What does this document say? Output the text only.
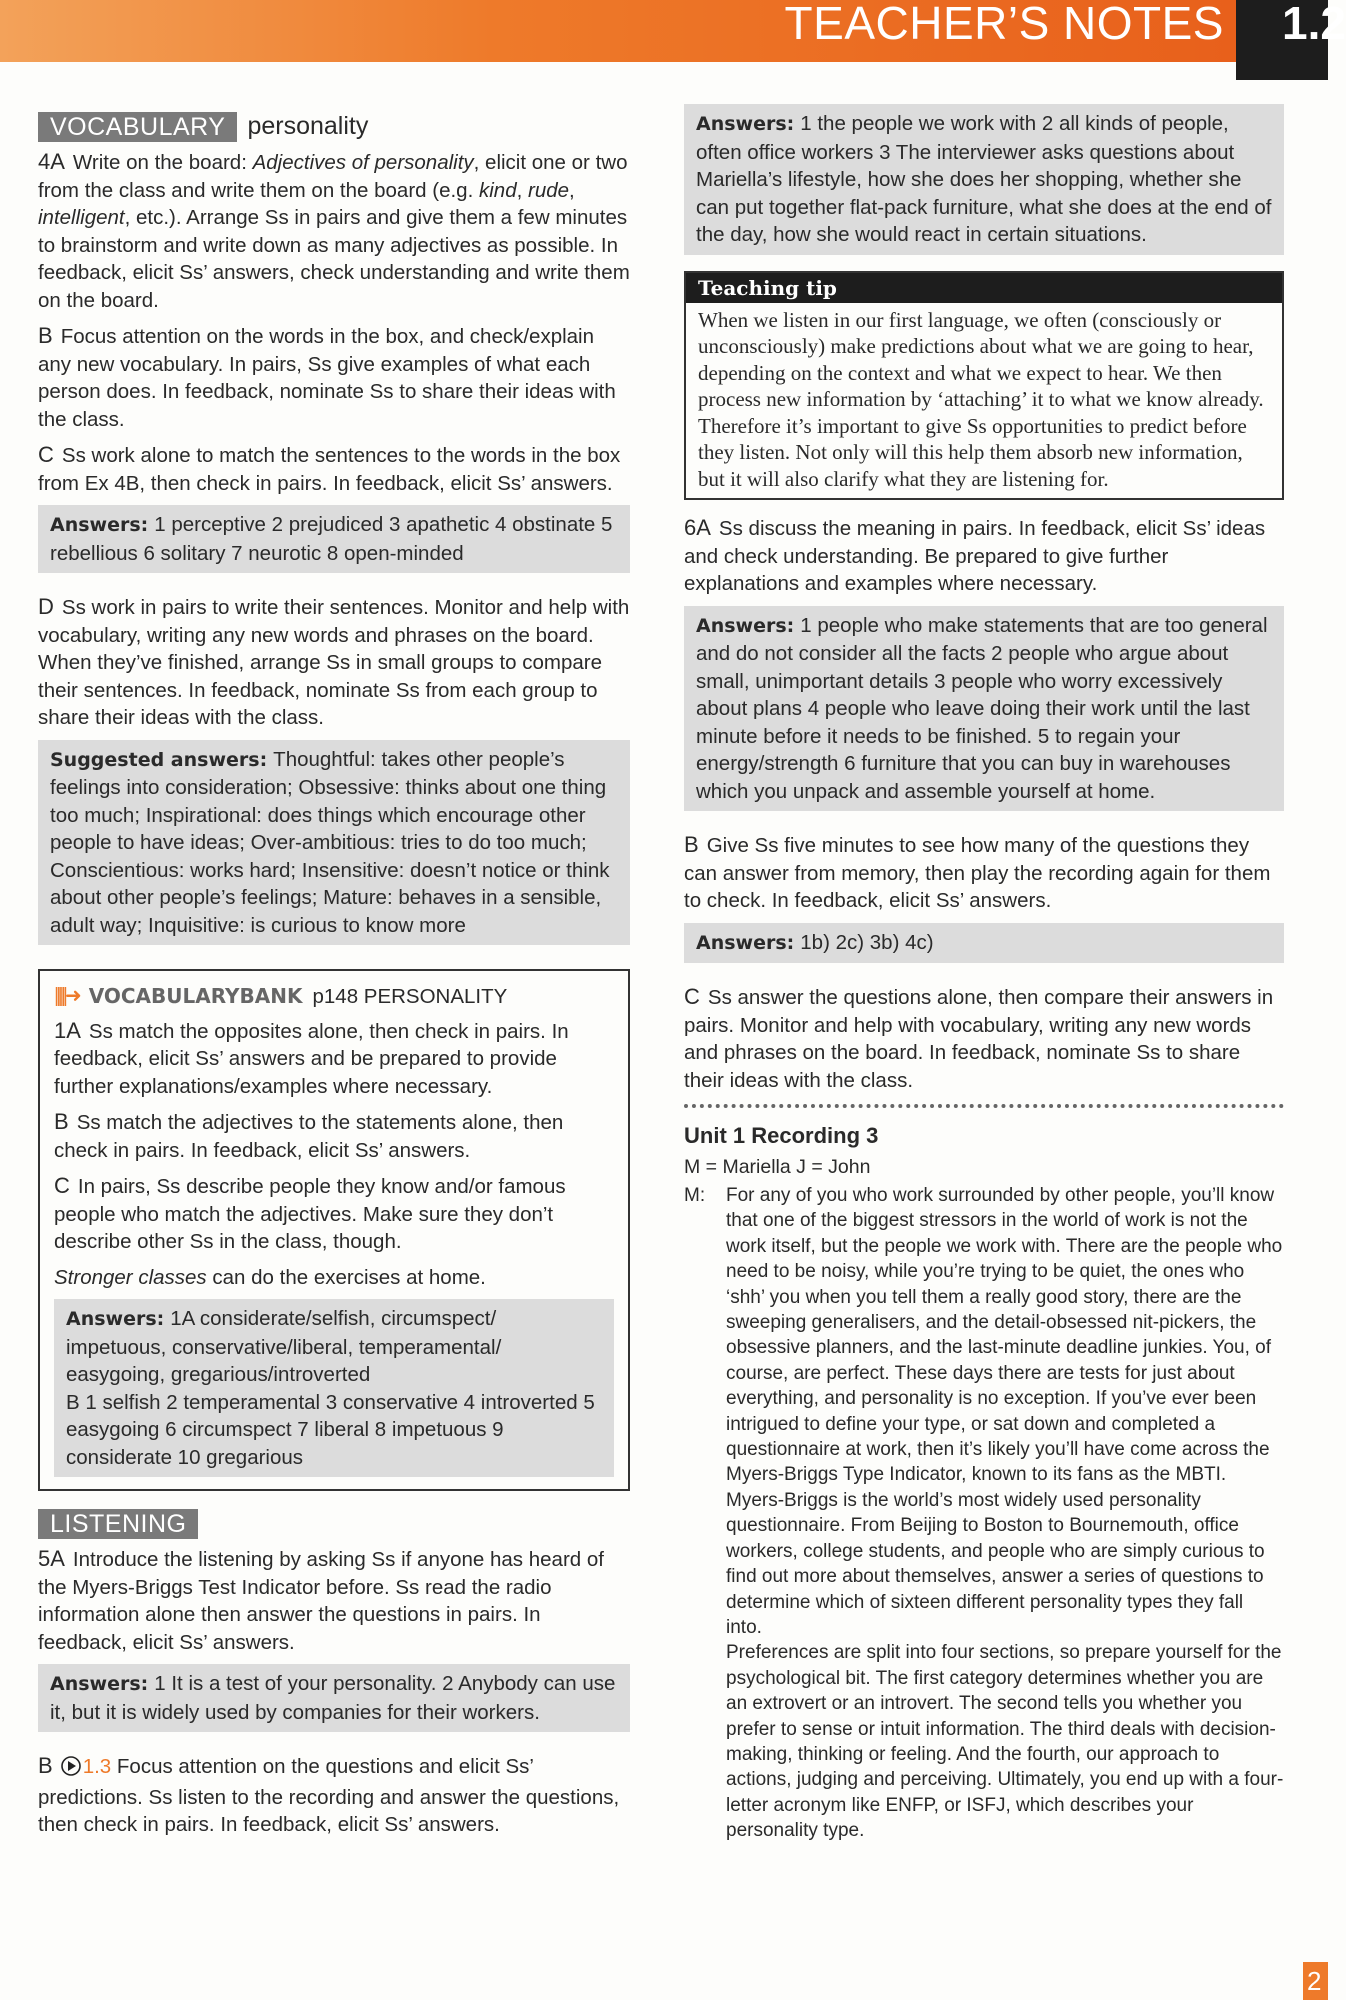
TEACHER’S NOTES	1.2
VOCABULARY personality

4A Write on the board: Adjectives of personality, elicit one or two from the class and write them on the board (e.g. kind, rude, intelligent, etc.). Arrange Ss in pairs and give them a few minutes to brainstorm and write down as many adjectives as possible. In feedback, elicit Ss’ answers, check understanding and write them on the board.

B Focus attention on the words in the box, and check/explain any new vocabulary. In pairs, Ss give examples of what each person does. In feedback, nominate Ss to share their ideas with the class.

C Ss work alone to match the sentences to the words in the box from Ex 4B, then check in pairs. In feedback, elicit Ss’ answers.

Answers: 1 perceptive 2 prejudiced 3 apathetic 4 obstinate 5 rebellious 6 solitary 7 neurotic 8 open-minded

D Ss work in pairs to write their sentences. Monitor and help with vocabulary, writing any new words and phrases on the board. When they’ve finished, arrange Ss in small groups to compare their sentences. In feedback, nominate Ss from each group to share their ideas with the class.

Suggested answers: Thoughtful: takes other people’s feelings into consideration; Obsessive: thinks about one thing too much; Inspirational: does things which encourage other people to have ideas; Over-ambitious: tries to do too much; Conscientious: works hard; Insensitive: doesn’t notice or think about other people’s feelings; Mature: behaves in a sensible, adult way; Inquisitive: is curious to know more
|||||➜ VOCABULARYBANK p148 PERSONALITY

1A Ss match the opposites alone, then check in pairs. In feedback, elicit Ss’ answers and be prepared to provide further explanations/examples where necessary.

B Ss match the adjectives to the statements alone, then check in pairs. In feedback, elicit Ss’ answers.

C In pairs, Ss describe people they know and/or famous people who match the adjectives. Make sure they don’t describe other Ss in the class, though.

Stronger classes can do the exercises at home.

Answers: 1A considerate/selfish, circumspect/ impetuous, conservative/liberal, temperamental/ easygoing, gregarious/introverted
B 1 selfish 2 temperamental 3 conservative 4 introverted 5 easygoing 6 circumspect 7 liberal 8 impetuous 9 considerate 10 gregarious
LISTENING

5A Introduce the listening by asking Ss if anyone has heard of the Myers-Briggs Test Indicator before. Ss read the radio information alone then answer the questions in pairs. In feedback, elicit Ss’ answers.

Answers: 1 It is a test of your personality. 2 Anybody can use it, but it is widely used by companies for their workers.

B 1.3 Focus attention on the questions and elicit Ss’ predictions. Ss listen to the recording and answer the questions, then check in pairs. In feedback, elicit Ss’ answers.

Answers: 1 the people we work with 2 all kinds of people, often office workers 3 The interviewer asks questions about Mariella’s lifestyle, how she does her shopping, whether she can put together flat-pack furniture, what she does at the end of the day, how she would react in certain situations.
Teaching tip
When we listen in our first language, we often (consciously or unconsciously) make predictions about what we are going to hear, depending on the context and what we expect to hear. We then process new information by ‘attaching’ it to what we know already. Therefore it’s important to give Ss opportunities to predict before they listen. Not only will this help them absorb new information, but it will also clarify what they are listening for.

6A Ss discuss the meaning in pairs. In feedback, elicit Ss’ ideas and check understanding. Be prepared to give further explanations and examples where necessary.

Answers: 1 people who make statements that are too general and do not consider all the facts 2 people who argue about small, unimportant details 3 people who worry excessively about plans 4 people who leave doing their work until the last minute before it needs to be finished. 5 to regain your energy/strength 6 furniture that you can buy in warehouses which you unpack and assemble yourself at home.

B Give Ss five minutes to see how many of the questions they can answer from memory, then play the recording again for them to check. In feedback, elicit Ss’ answers.

Answers: 1b) 2c) 3b) 4c)

C Ss answer the questions alone, then compare their answers in pairs. Monitor and help with vocabulary, writing any new words and phrases on the board. In feedback, nominate Ss to share their ideas with the class.

Unit 1 Recording 3
M = Mariella J = John
M:	For any of you who work surrounded by other people, you’ll know that one of the biggest stressors in the world of work is not the work itself, but the people we work with. There are the people who need to be noisy, while you’re trying to be quiet, the ones who ‘shh’ you when you tell them a really good story, there are the sweeping generalisers, and the detail-obsessed nit-pickers, the obsessive planners, and the last-minute deadline junkies. You, of course, are perfect. These days there are tests for just about everything, and personality is no exception. If you’ve ever been intrigued to define your type, or sat down and completed a questionnaire at work, then it’s likely you’ll have come across the Myers-Briggs Type Indicator, known to its fans as the MBTI. Myers-Briggs is the world’s most widely used personality questionnaire. From Beijing to Boston to Bournemouth, office workers, college students, and people who are simply curious to find out more about themselves, answer a series of questions to determine which of sixteen different personality types they fall into.

Preferences are split into four sections, so prepare yourself for the psychological bit. The first category determines whether you are an extrovert or an introvert. The second tells you whether you prefer to sense or intuit information. The third deals with decision-making, thinking or feeling. And the fourth, our approach to actions, judging and perceiving. Ultimately, you end up with a four-letter acronym like ENFP, or ISFJ, which describes your personality type.

2
